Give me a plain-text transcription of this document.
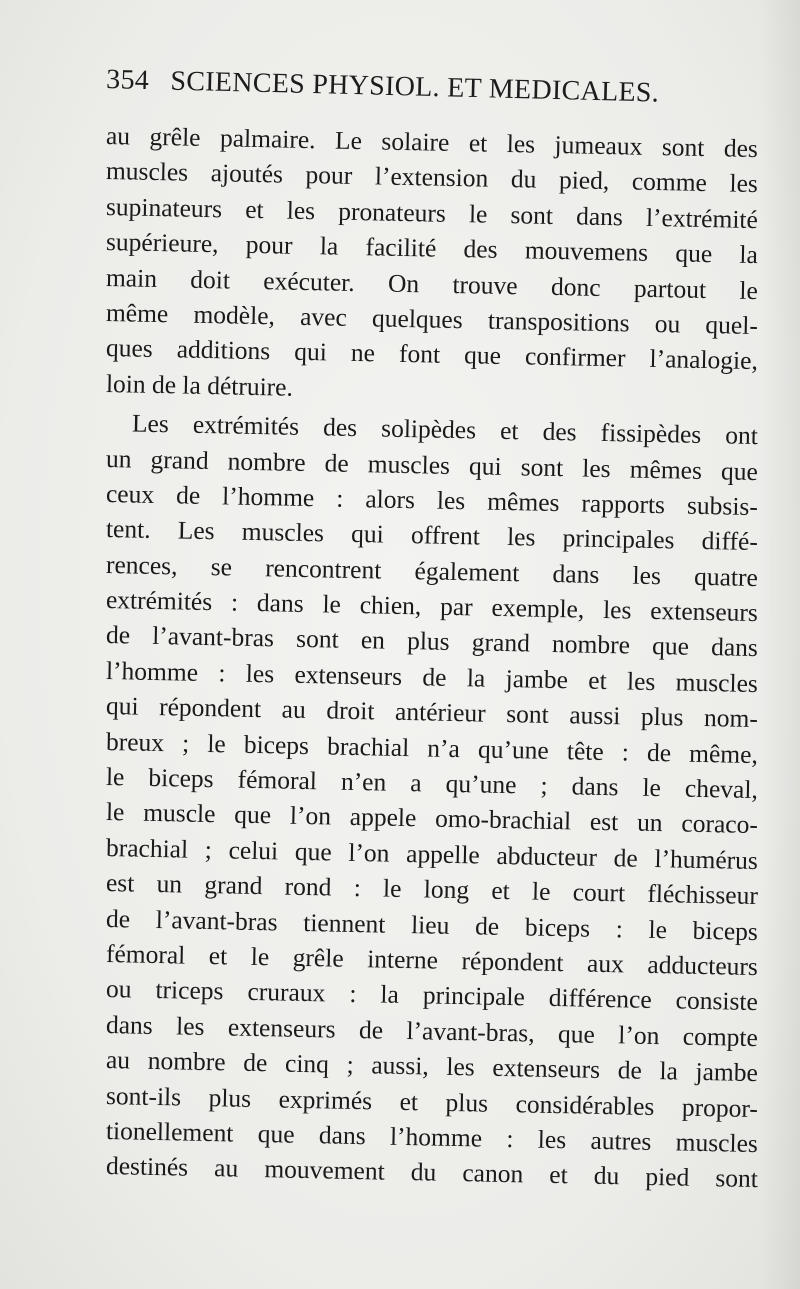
354 SCIENCES PHYSIOL. ET MEDICALES.
au grêle palmaire. Le solaire et les jumeaux sont des
muscles ajoutés pour l’extension du pied, comme les
supinateurs et les pronateurs le sont dans l’extrémité
supérieure, pour la facilité des mouvemens que la
main doit exécuter. On trouve donc partout le
même modèle, avec quelques transpositions ou quel-
ques additions qui ne font que confirmer l’analogie,
loin de la détruire.
Les extrémités des solipèdes et des fissipèdes ont
un grand nombre de muscles qui sont les mêmes que
ceux de l’homme : alors les mêmes rapports subsis-
tent. Les muscles qui offrent les principales diffé-
rences, se rencontrent également dans les quatre
extrémités : dans le chien, par exemple, les extenseurs
de l’avant-bras sont en plus grand nombre que dans
l’homme : les extenseurs de la jambe et les muscles
qui répondent au droit antérieur sont aussi plus nom-
breux ; le biceps brachial n’a qu’une tête : de même,
le biceps fémoral n’en a qu’une ; dans le cheval,
le muscle que l’on appele omo-brachial est un coraco-
brachial ; celui que l’on appelle abducteur de l’humérus
est un grand rond : le long et le court fléchisseur
de l’avant-bras tiennent lieu de biceps : le biceps
fémoral et le grêle interne répondent aux adducteurs
ou triceps cruraux : la principale différence consiste
dans les extenseurs de l’avant-bras, que l’on compte
au nombre de cinq ; aussi, les extenseurs de la jambe
sont-ils plus exprimés et plus considérables propor-
tionellement que dans l’homme : les autres muscles
destinés au mouvement du canon et du pied sont
